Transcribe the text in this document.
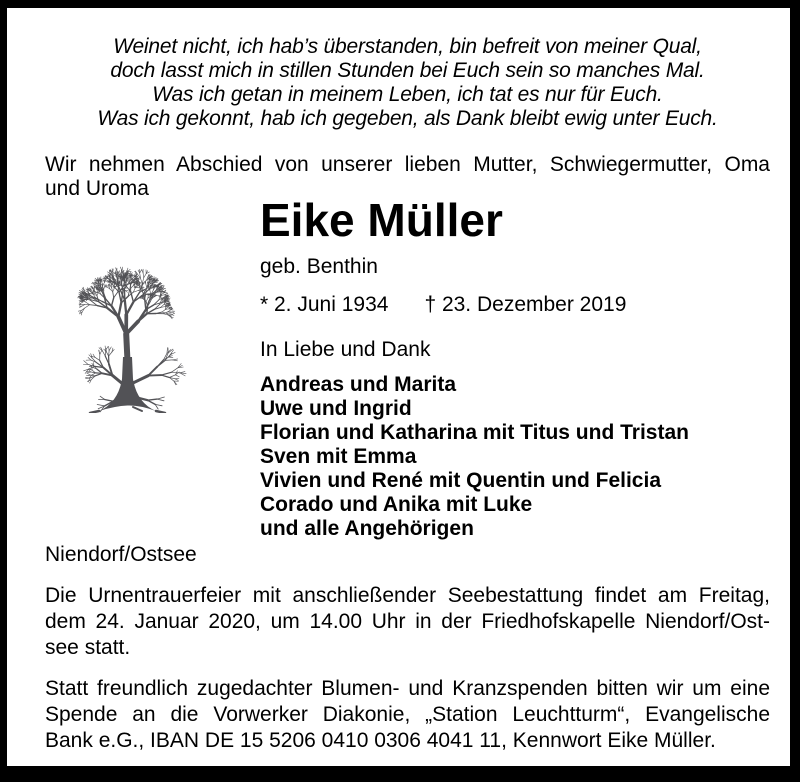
Weinet nicht, ich hab’s überstanden, bin befreit von meiner Qual,
doch lasst mich in stillen Stunden bei Euch sein so manches Mal.
Was ich getan in meinem Leben, ich tat es nur für Euch.
Was ich gekonnt, hab ich gegeben, als Dank bleibt ewig unter Euch.
Wir nehmen Abschied von unserer lieben Mutter, Schwiegermutter, Oma
und Uroma
Eike Müller
geb. Benthin
* 2. Juni 1934 † 23. Dezember 2019
In Liebe und Dank
Andreas und Marita
Uwe und Ingrid
Florian und Katharina mit Titus und Tristan
Sven mit Emma
Vivien und René mit Quentin und Felicia
Corado und Anika mit Luke
und alle Angehörigen
Niendorf/Ostsee
Die Urnentrauerfeier mit anschließender Seebestattung findet am Freitag,
dem 24. Januar 2020, um 14.00 Uhr in der Friedhofskapelle Niendorf/Ost-
see statt.
Statt freundlich zugedachter Blumen- und Kranzspenden bitten wir um eine
Spende an die Vorwerker Diakonie, „Station Leuchtturm“, Evangelische
Bank e.G., IBAN DE 15 5206 0410 0306 4041 11, Kennwort Eike Müller.
